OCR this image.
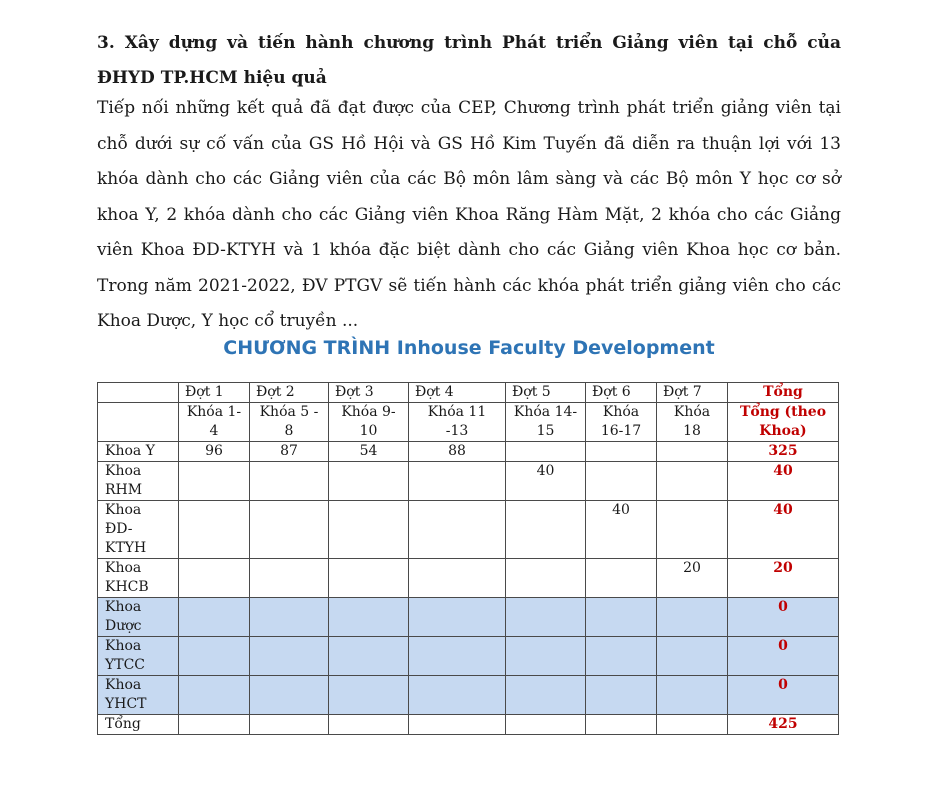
3. Xây dựng và tiến hành chương trình Phát triển Giảng viên tại chỗ của ĐHYD TP.HCM hiệu quả
Tiếp nối những kết quả đã đạt được của CEP, Chương trình phát triển giảng viên tại chỗ dưới sự cố vấn của GS Hồ Hội và GS Hồ Kim Tuyến đã diễn ra thuận lợi với 13 khóa dành cho các Giảng viên của các Bộ môn lâm sàng và các Bộ môn Y học cơ sở khoa Y, 2 khóa dành cho các Giảng viên Khoa Răng Hàm Mặt, 2 khóa cho các Giảng viên Khoa ĐD-KTYH và 1 khóa đặc biệt dành cho các Giảng viên Khoa học cơ bản. Trong năm 2021-2022, ĐV PTGV sẽ tiến hành các khóa phát triển giảng viên cho các Khoa Dược, Y học cổ truyền ...
CHƯƠNG TRÌNH Inhouse Faculty Development
	Đợt 1	Đợt 2	Đợt 3	Đợt 4	Đợt 5	Đợt 6	Đợt 7	Tổng
	Khóa 1-4	Khóa 5 - 8	Khóa 9-10	Khóa 11 -13	Khóa 14-15	Khóa 16-17	Khóa 18	Tổng (theo Khoa)
Khoa Y	96	87	54	88				325
Khoa RHM					40			40
Khoa ĐD-KTYH						40		40
Khoa KHCB							20	20
Khoa Dược								0
Khoa YTCC								0
Khoa YHCT								0
Tổng								425
